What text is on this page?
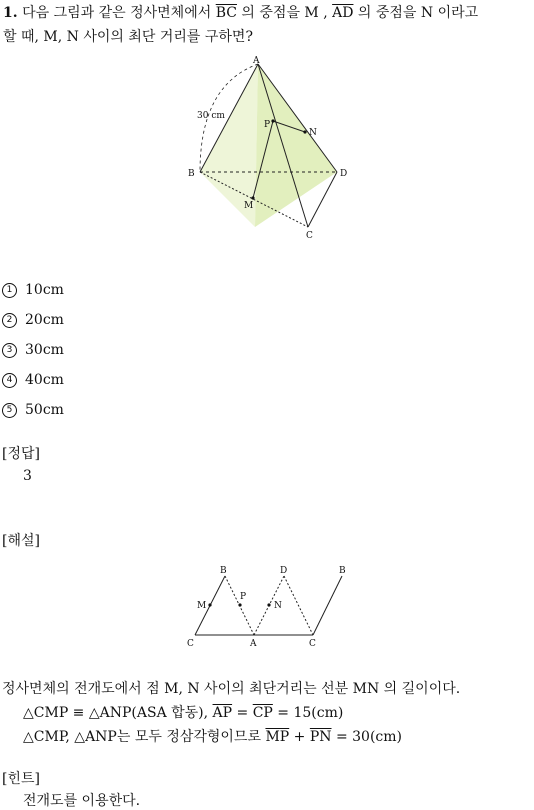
1. 다음 그림과 같은 정사면체에서 $\overline{BC}$ 의 중점을 M , $\overline{AD}$ 의 중점을 N 이라고
할 때, M, N 사이의 최단 거리를 구하면?
A
B
C
D
P
N
M
30 cm
1 10cm
2 20cm
3 30cm
4 40cm
5 50cm
[정답]
3
[해설]
B	D	B
M
P
N
C	A	C
정사면체의 전개도에서 점 M, N 사이의 최단거리는 선분 MN 의 길이이다.
△CMP ≡ △ANP(ASA 합동), $\overline{AP} = \overline{CP} = 15(cm)$
△CMP, △ANP는 모두 정삼각형이므로 $\overline{MP} + \overline{PN} = 30(cm)$
[힌트]
전개도를 이용한다.
